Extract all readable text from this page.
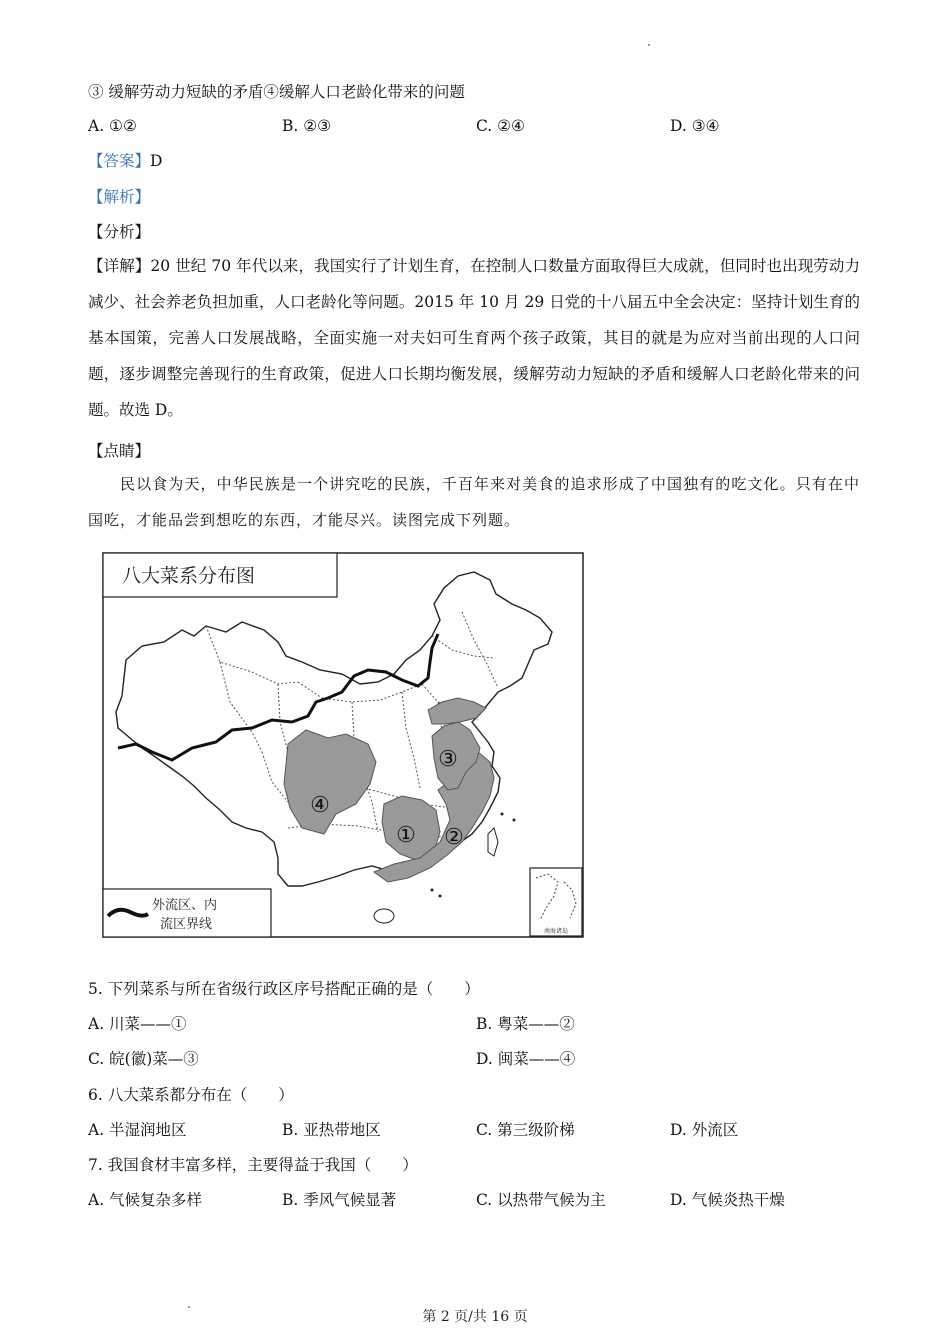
③ 缓解劳动力短缺的矛盾④缓解人口老龄化带来的问题
A. ①②	B. ②③	C. ②④	D. ③④
【答案】D
【解析】
【分析】
【详解】20 世纪 70 年代以来，我国实行了计划生育，在控制人口数量方面取得巨大成就，但同时也出现劳动力减少、社会养老负担加重，人口老龄化等问题。2015 年 10 月 29 日党的十八届五中全会决定：坚持计划生育的基本国策，完善人口发展战略，全面实施一对夫妇可生育两个孩子政策，其目的就是为应对当前出现的人口问题，逐步调整完善现行的生育政策，促进人口长期均衡发展，缓解劳动力短缺的矛盾和缓解人口老龄化带来的问题。故选 D。
【点睛】
民以食为天，中华民族是一个讲究吃的民族，千百年来对美食的追求形成了中国独有的吃文化。只有在中国吃，才能品尝到想吃的东西，才能尽兴。读图完成下列题。
八大菜系分布图
④
① ②
③
外流区、内
流区界线	南海诸岛
5. 下列菜系与所在省级行政区序号搭配正确的是（　　）
A. 川菜——①	B. 粤菜——②
C. 皖(徽)菜—③	D. 闽菜——④
6. 八大菜系都分布在（　　）
A. 半湿润地区	B. 亚热带地区	C. 第三级阶梯	D. 外流区
7. 我国食材丰富多样，主要得益于我国（　　）
A. 气候复杂多样	B. 季风气候显著	C. 以热带气候为主	D. 气候炎热干燥
第 2 页/共 16 页
